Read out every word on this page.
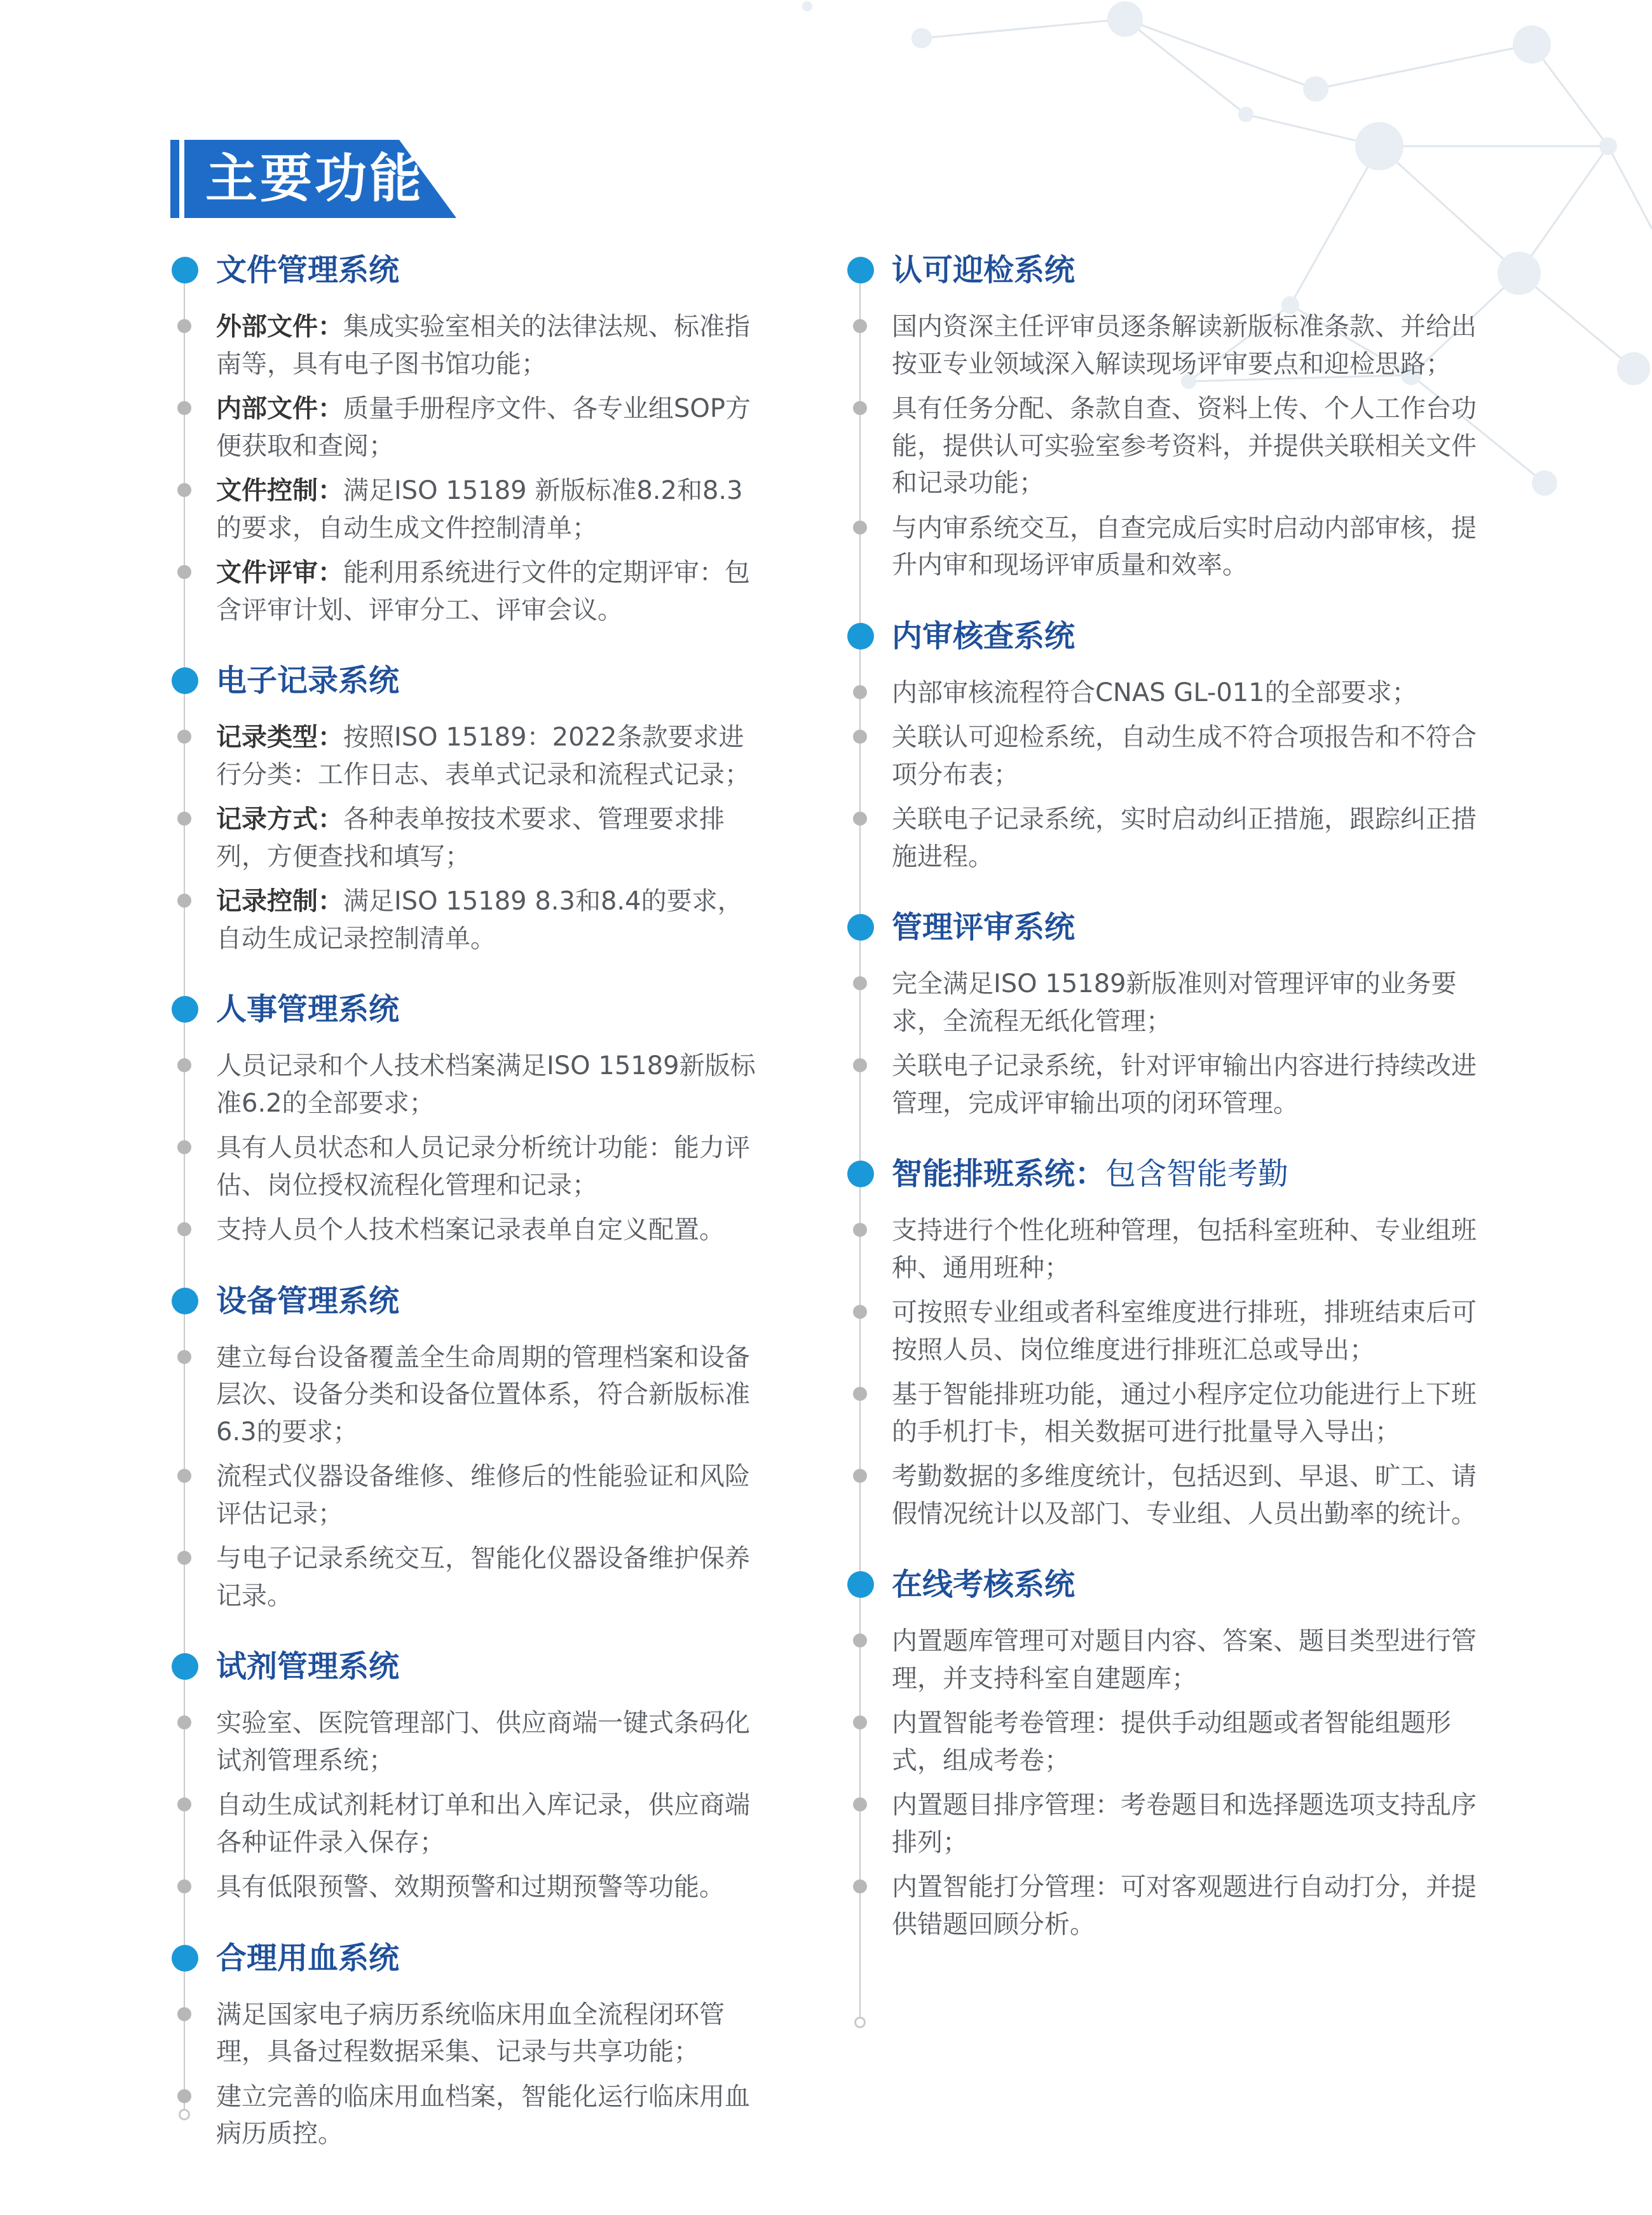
主要功能
文件管理系统
外部文件：集成实验室相关的法律法规、标准指南等，具有电子图书馆功能；
内部文件：质量手册程序文件、各专业组SOP方便获取和查阅；
文件控制：满足ISO 15189 新版标准8.2和8.3的要求，自动生成文件控制清单；
文件评审：能利用系统进行文件的定期评审：包含评审计划、评审分工、评审会议。
电子记录系统
记录类型：按照ISO 15189：2022条款要求进行分类：工作日志、表单式记录和流程式记录；
记录方式：各种表单按技术要求、管理要求排列，方便查找和填写；
记录控制：满足ISO 15189 8.3和8.4的要求，自动生成记录控制清单。
人事管理系统
人员记录和个人技术档案满足ISO 15189新版标准6.2的全部要求；
具有人员状态和人员记录分析统计功能：能力评估、岗位授权流程化管理和记录；
支持人员个人技术档案记录表单自定义配置。
设备管理系统
建立每台设备覆盖全生命周期的管理档案和设备层次、设备分类和设备位置体系，符合新版标准6.3的要求；
流程式仪器设备维修、维修后的性能验证和风险评估记录；
与电子记录系统交互，智能化仪器设备维护保养记录。
试剂管理系统
实验室、医院管理部门、供应商端一键式条码化试剂管理系统；
自动生成试剂耗材订单和出入库记录，供应商端各种证件录入保存；
具有低限预警、效期预警和过期预警等功能。
合理用血系统
满足国家电子病历系统临床用血全流程闭环管理，具备过程数据采集、记录与共享功能；
建立完善的临床用血档案，智能化运行临床用血病历质控。
认可迎检系统
国内资深主任评审员逐条解读新版标准条款、并给出按亚专业领域深入解读现场评审要点和迎检思路；
具有任务分配、条款自查、资料上传、个人工作台功能，提供认可实验室参考资料，并提供关联相关文件和记录功能；
与内审系统交互，自查完成后实时启动内部审核，提升内审和现场评审质量和效率。
内审核查系统
内部审核流程符合CNAS GL-011的全部要求；
关联认可迎检系统，自动生成不符合项报告和不符合项分布表；
关联电子记录系统，实时启动纠正措施，跟踪纠正措施进程。
管理评审系统
完全满足ISO 15189新版准则对管理评审的业务要求，全流程无纸化管理；
关联电子记录系统，针对评审输出内容进行持续改进管理，完成评审输出项的闭环管理。
智能排班系统：包含智能考勤
支持进行个性化班种管理，包括科室班种、专业组班种、通用班种；
可按照专业组或者科室维度进行排班，排班结束后可按照人员、岗位维度进行排班汇总或导出；
基于智能排班功能，通过小程序定位功能进行上下班的手机打卡，相关数据可进行批量导入导出；
考勤数据的多维度统计，包括迟到、早退、旷工、请假情况统计以及部门、专业组、人员出勤率的统计。
在线考核系统
内置题库管理可对题目内容、答案、题目类型进行管理，并支持科室自建题库；
内置智能考卷管理：提供手动组题或者智能组题形式，组成考卷；
内置题目排序管理：考卷题目和选择题选项支持乱序排列；
内置智能打分管理：可对客观题进行自动打分，并提供错题回顾分析。
